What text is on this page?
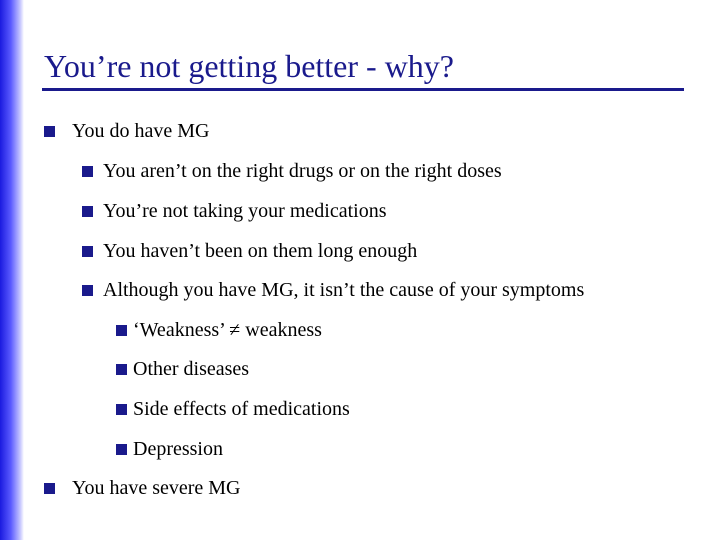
You’re not getting better - why?
You do have MG
You aren’t on the right drugs or on the right doses
You’re not taking your medications
You haven’t been on them long enough
Although you have MG, it isn’t the cause of your symptoms
‘Weakness’ ≠ weakness
Other diseases
Side effects of medications
Depression
You have severe MG
